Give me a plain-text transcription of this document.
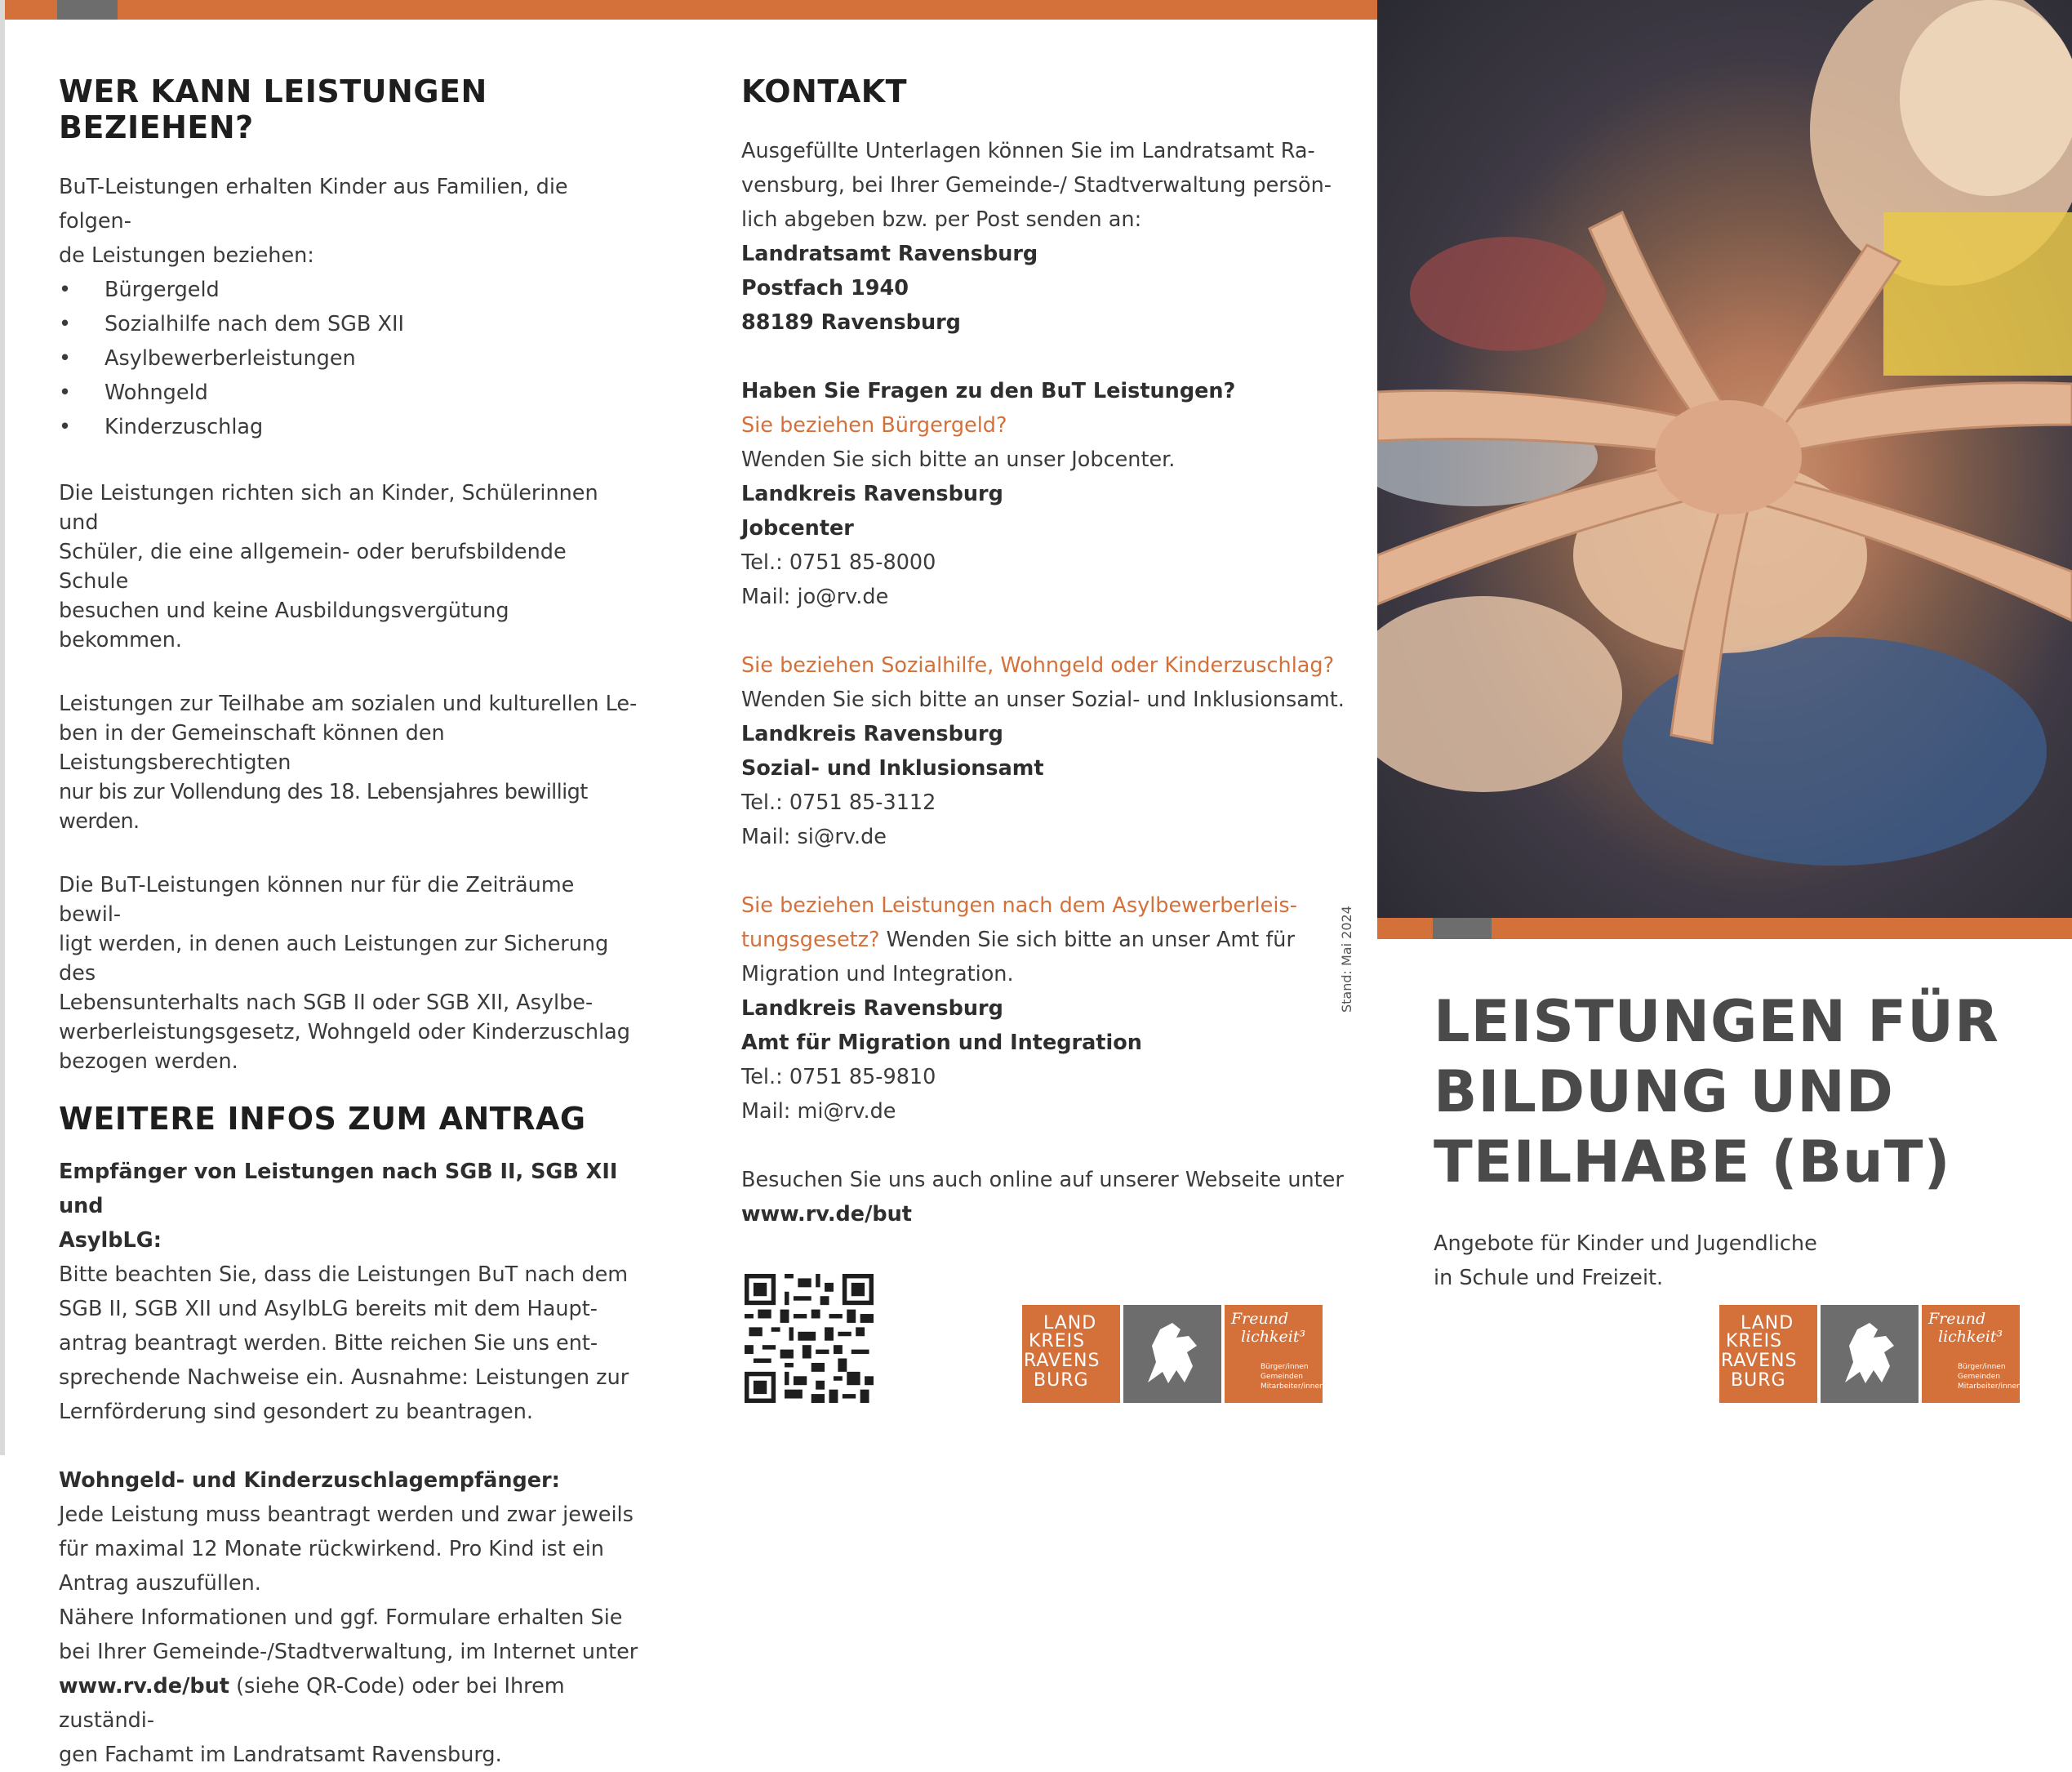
WER KANN LEISTUNGEN BEZIEHEN?

BuT-Leistungen erhalten Kinder aus Familien, die folgen-

de Leistungen beziehen:

• Bürgergeld
• Sozialhilfe nach dem SGB XII
• Asylbewerberleistungen
• Wohngeld
• Kinderzuschlag

Die Leistungen richten sich an Kinder, Schülerinnen und

Schüler, die eine allgemein- oder berufsbildende Schule

besuchen und keine Ausbildungsvergütung bekommen.

Leistungen zur Teilhabe am sozialen und kulturellen Le-

ben in der Gemeinschaft können den Leistungsberechtigten

nur bis zur Vollendung des 18. Lebensjahres bewilligt werden.

Die BuT-Leistungen können nur für die Zeiträume bewil-

ligt werden, in denen auch Leistungen zur Sicherung des

Lebensunterhalts nach SGB II oder SGB XII, Asylbe-

werberleistungsgesetz, Wohngeld oder Kinderzuschlag

bezogen werden.

WEITERE INFOS ZUM ANTRAG

Empfänger von Leistungen nach SGB II, SGB XII und

AsylbLG:

Bitte beachten Sie, dass die Leistungen BuT nach dem

SGB II, SGB XII und AsylbLG bereits mit dem Haupt-

antrag beantragt werden. Bitte reichen Sie uns ent-

sprechende Nachweise ein. Ausnahme: Leistungen zur

Lernförderung sind gesondert zu beantragen.

Wohngeld- und Kinderzuschlagempfänger:

Jede Leistung muss beantragt werden und zwar jeweils

für maximal 12 Monate rückwirkend. Pro Kind ist ein

Antrag auszufüllen.

Nähere Informationen und ggf. Formulare erhalten Sie

bei Ihrer Gemeinde-/Stadtverwaltung, im Internet unter

www.rv.de/but (siehe QR-Code) oder bei Ihrem zuständi-

gen Fachamt im Landratsamt Ravensburg.

KONTAKT

Ausgefüllte Unterlagen können Sie im Landratsamt Ra-

vensburg, bei Ihrer Gemeinde-/ Stadtverwaltung persön-

lich abgeben bzw. per Post senden an:

Landratsamt Ravensburg

Postfach 1940

88189 Ravensburg

Haben Sie Fragen zu den BuT Leistungen?

Sie beziehen Bürgergeld?

Wenden Sie sich bitte an unser Jobcenter.

Landkreis Ravensburg

Jobcenter

Tel.: 0751 85-8000

Mail: jo@rv.de

Sie beziehen Sozialhilfe, Wohngeld oder Kinderzuschlag?

Wenden Sie sich bitte an unser Sozial- und Inklusionsamt.

Landkreis Ravensburg

Sozial- und Inklusionsamt

Tel.: 0751 85-3112

Mail: si@rv.de

Sie beziehen Leistungen nach dem Asylbewerberleis-

tungsgesetz? Wenden Sie sich bitte an unser Amt für

Migration und Integration.

Landkreis Ravensburg

Amt für Migration und Integration

Tel.: 0751 85-9810

Mail: mi@rv.de

Besuchen Sie uns auch online auf unserer Webseite unter

www.rv.de/but

Stand: Mai 2024
LAND
KREIS
RAVENS
BURG
Freund
lichkeit³
Bürger/innen
Gemeinden
Mitarbeiter/innen
LEISTUNGEN FÜR
BILDUNG UND
TEILHABE (BuT)
Angebote für Kinder und Jugendliche
in Schule und Freizeit.
LAND
KREIS
RAVENS
BURG
Freund
lichkeit³
Bürger/innen
Gemeinden
Mitarbeiter/innen
